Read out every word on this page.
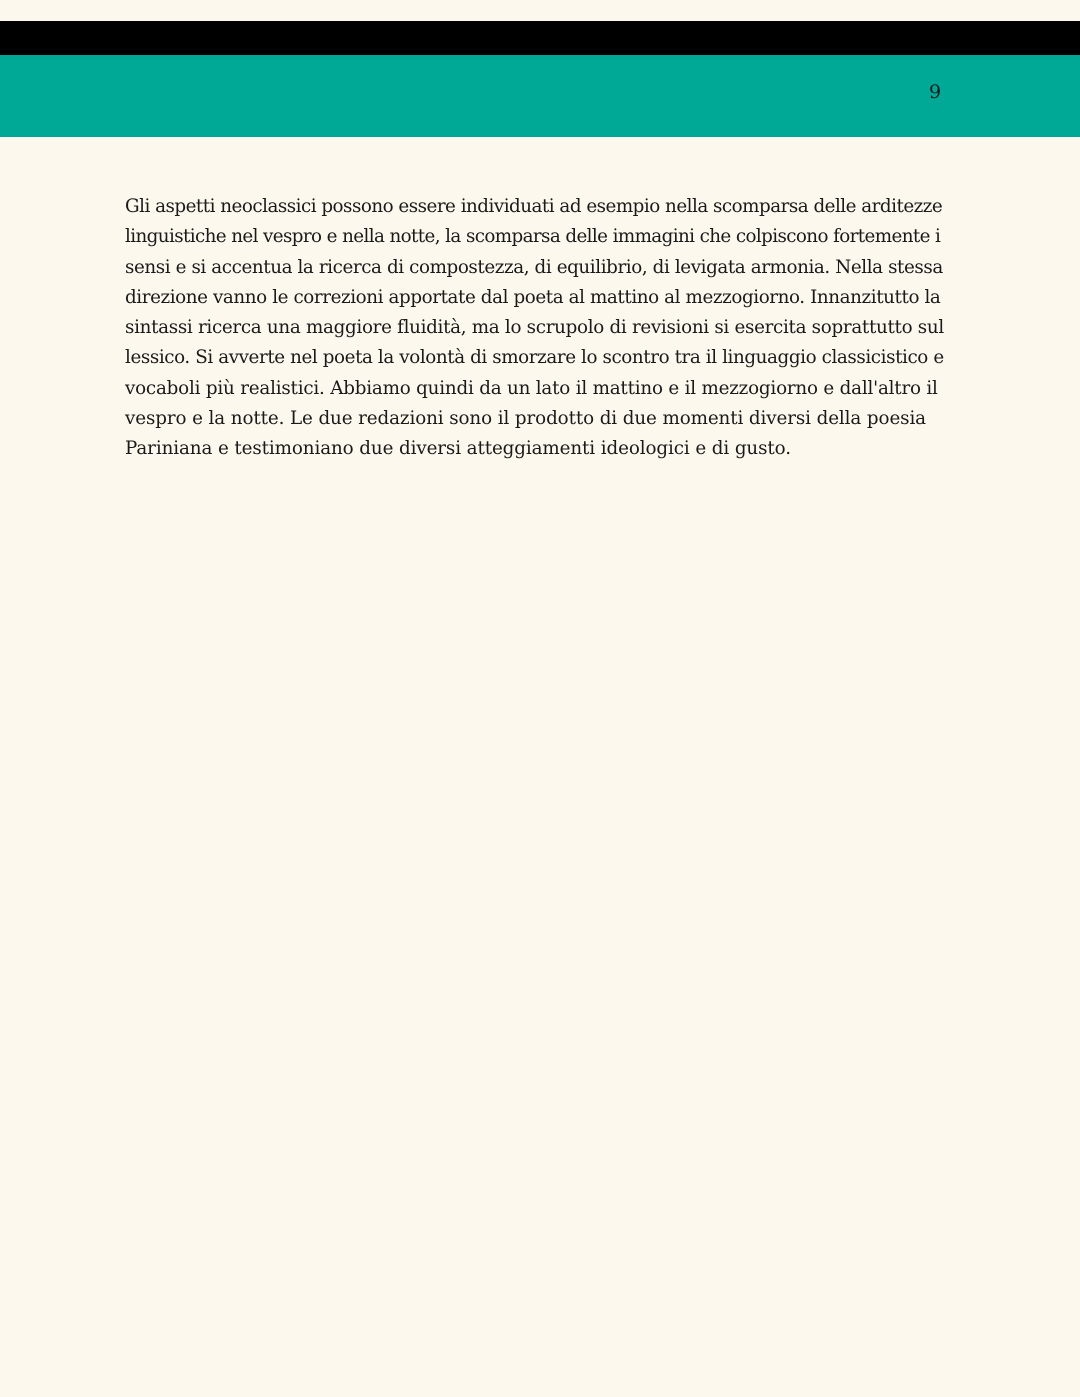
9

Gli aspetti neoclassici possono essere individuati ad esempio nella scomparsa delle arditezze
linguistiche nel vespro e nella notte, la scomparsa delle immagini che colpiscono fortemente i
sensi e si accentua la ricerca di compostezza, di equilibrio, di levigata armonia. Nella stessa
direzione vanno le correzioni apportate dal poeta al mattino al mezzogiorno. Innanzitutto la
sintassi ricerca una maggiore fluidità, ma lo scrupolo di revisioni si esercita soprattutto sul
lessico. Si avverte nel poeta la volontà di smorzare lo scontro tra il linguaggio classicistico e
vocaboli più realistici. Abbiamo quindi da un lato il mattino e il mezzogiorno e dall'altro il
vespro e la notte. Le due redazioni sono il prodotto di due momenti diversi della poesia
Pariniana e testimoniano due diversi atteggiamenti ideologici e di gusto.
